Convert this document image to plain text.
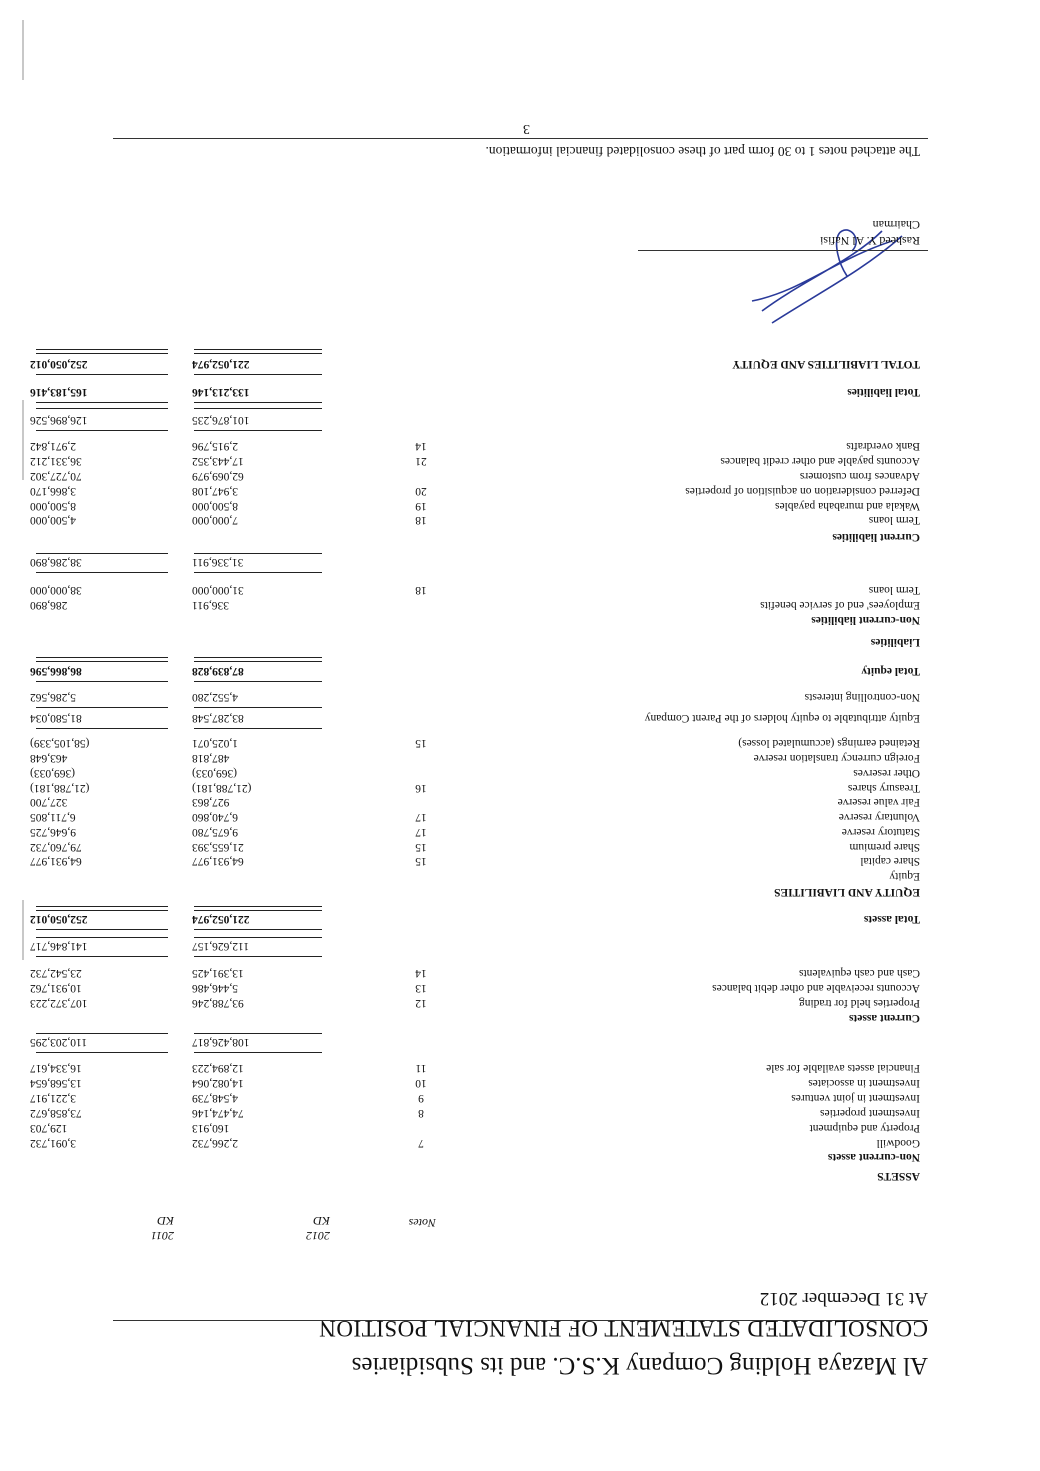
Al Mazaya Holding Company K.S.C. and its Subsidiaries
CONSOLIDATED STATEMENT OF FINANCIAL POSITION
At 31 December 2012
Notes
2012
KD
2011
KD
ASSETS
Non-current assets
Goodwill
7
2,266,732
3,091,732
Property and equipment
160,913
129,703
Investment properties
8
74,474,146
73,858,672
Investment in joint ventures
9
4,548,739
3,221,917
Investment in associates
10
14,082,064
13,568,654
Financial assets available for sale
11
12,894,223
16,334,617
108,426,817
110,203,295
Current assets
Properties held for trading
12
93,788,246
107,372,223
Accounts receivable and other debit balances
13
5,446,486
10,931,762
Cash and cash equivalents
14
13,391,425
23,542,732
112,626,157
141,846,717
Total assets
221,052,974
252,050,012
EQUITY AND LIABILITIES
Equity
Share capital
15
64,931,977
64,931,977
Share premium
15
21,655,393
79,760,732
Statutory reserve
17
9,675,780
9,646,725
Voluntary reserve
17
6,740,860
6,711,805
Fair value reserve
927,863
327,700
Treasury shares
16
(21,788,181)
(21,788,181)
Other reserves
(369,033)
(369,033)
Foreign currency translation reserve
487,818
463,648
Retained earnings (accumulated losses)
15
1,025,071
(58,105,339)
Equity attributable to equity holders of the Parent Company
83,287,548
81,580,034
Non-controlling interests
4,552,280
5,286,562
Total equity
87,839,828
86,866,596
Liabilities
Non-current liabilities
Employees' end of service benefits
336,911
286,890
Term loans
18
31,000,000
38,000,000
31,336,911
38,286,890
Current liabilities
Term loans
18
7,000,000
4,500,000
Wakala and murabaha payables
19
8,500,000
8,500,000
Deferred consideration on acquisition of properties
20
3,947,108
3,866,170
Advances from customers
62,069,979
70,727,302
Accounts payable and other credit balances
21
17,443,352
36,331,212
Bank overdrafts
14
2,915,796
2,971,842
101,876,235
126,896,526
Total liabilities
133,213,146
165,183,416
TOTAL LIABILITIES AND EQUITY
221,052,974
252,050,012
Rasheed Y. Al Nafisi
Chairman
The attached notes 1 to 30 form part of these consolidated financial information.
3
